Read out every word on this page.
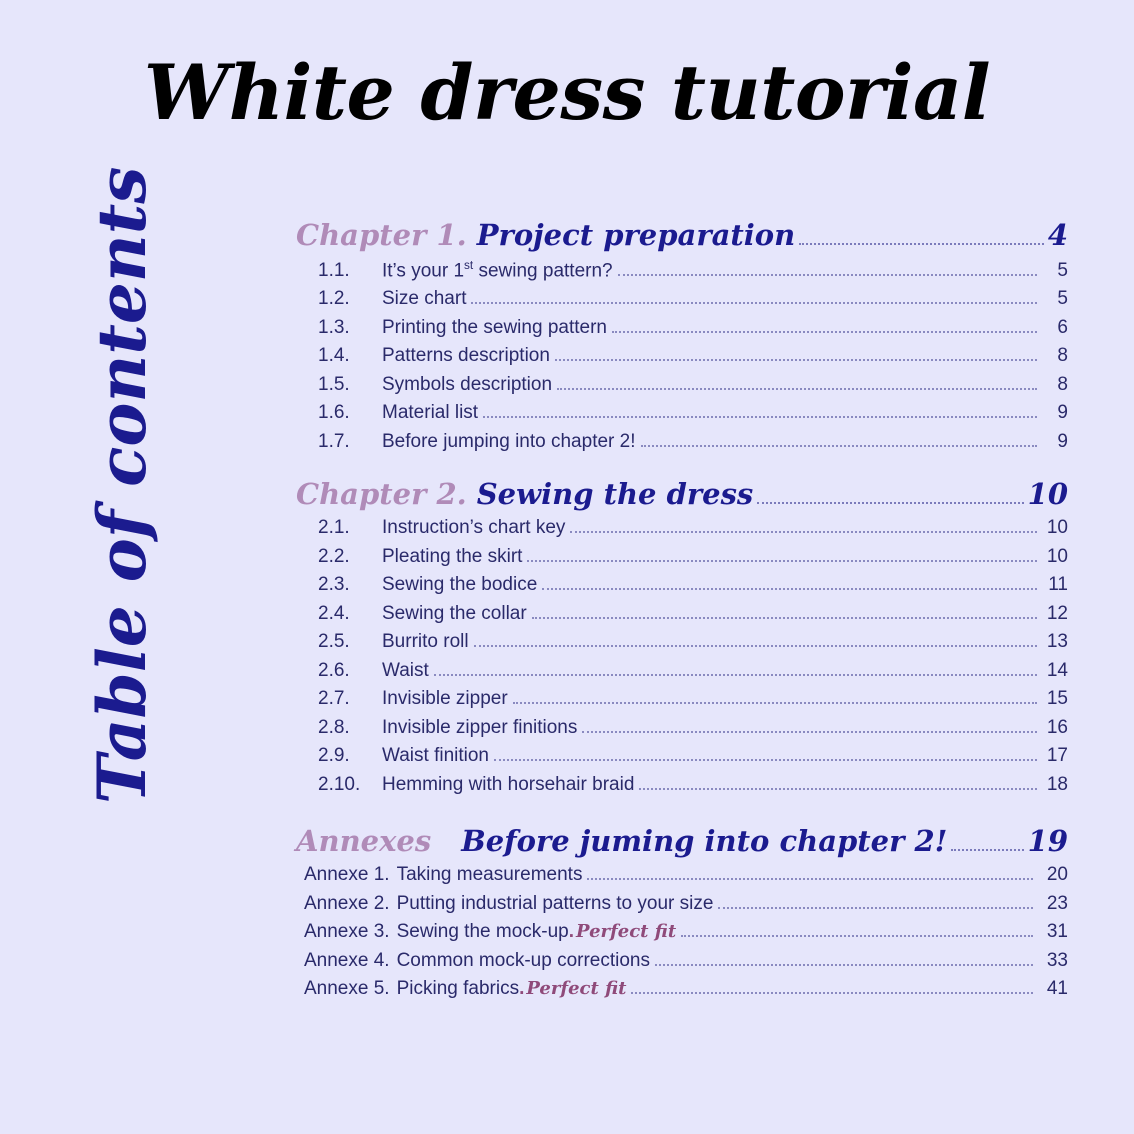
White dress tutorial
Table of contents	Chapter 1. Project preparation	4
1.1.	It’s your 1st sewing pattern?	5
1.2.	Size chart	5
1.3.	Printing the sewing pattern	6
1.4.	Patterns description	8
1.5.	Symbols description	8
1.6.	Material list	9
1.7.	Before jumping into chapter 2!	9
Chapter 2. Sewing the dress	10
2.1.	Instruction’s chart key	10
2.2.	Pleating the skirt	10
2.3.	Sewing the bodice	11
2.4.	Sewing the collar	12
2.5.	Burrito roll	13
2.6.	Waist	14
2.7.	Invisible zipper	15
2.8.	Invisible zipper finitions	16
2.9.	Waist finition	17
2.10.	Hemming with horsehair braid	18
Annexes Before juming into chapter 2!	19
Annexe 1. Taking measurements	20
Annexe 2. Putting industrial patterns to your size	23
Annexe 3. Sewing the mock-up . Perfect fit	31
Annexe 4. Common mock-up corrections	33
Annexe 5. Picking fabrics . Perfect fit	41
